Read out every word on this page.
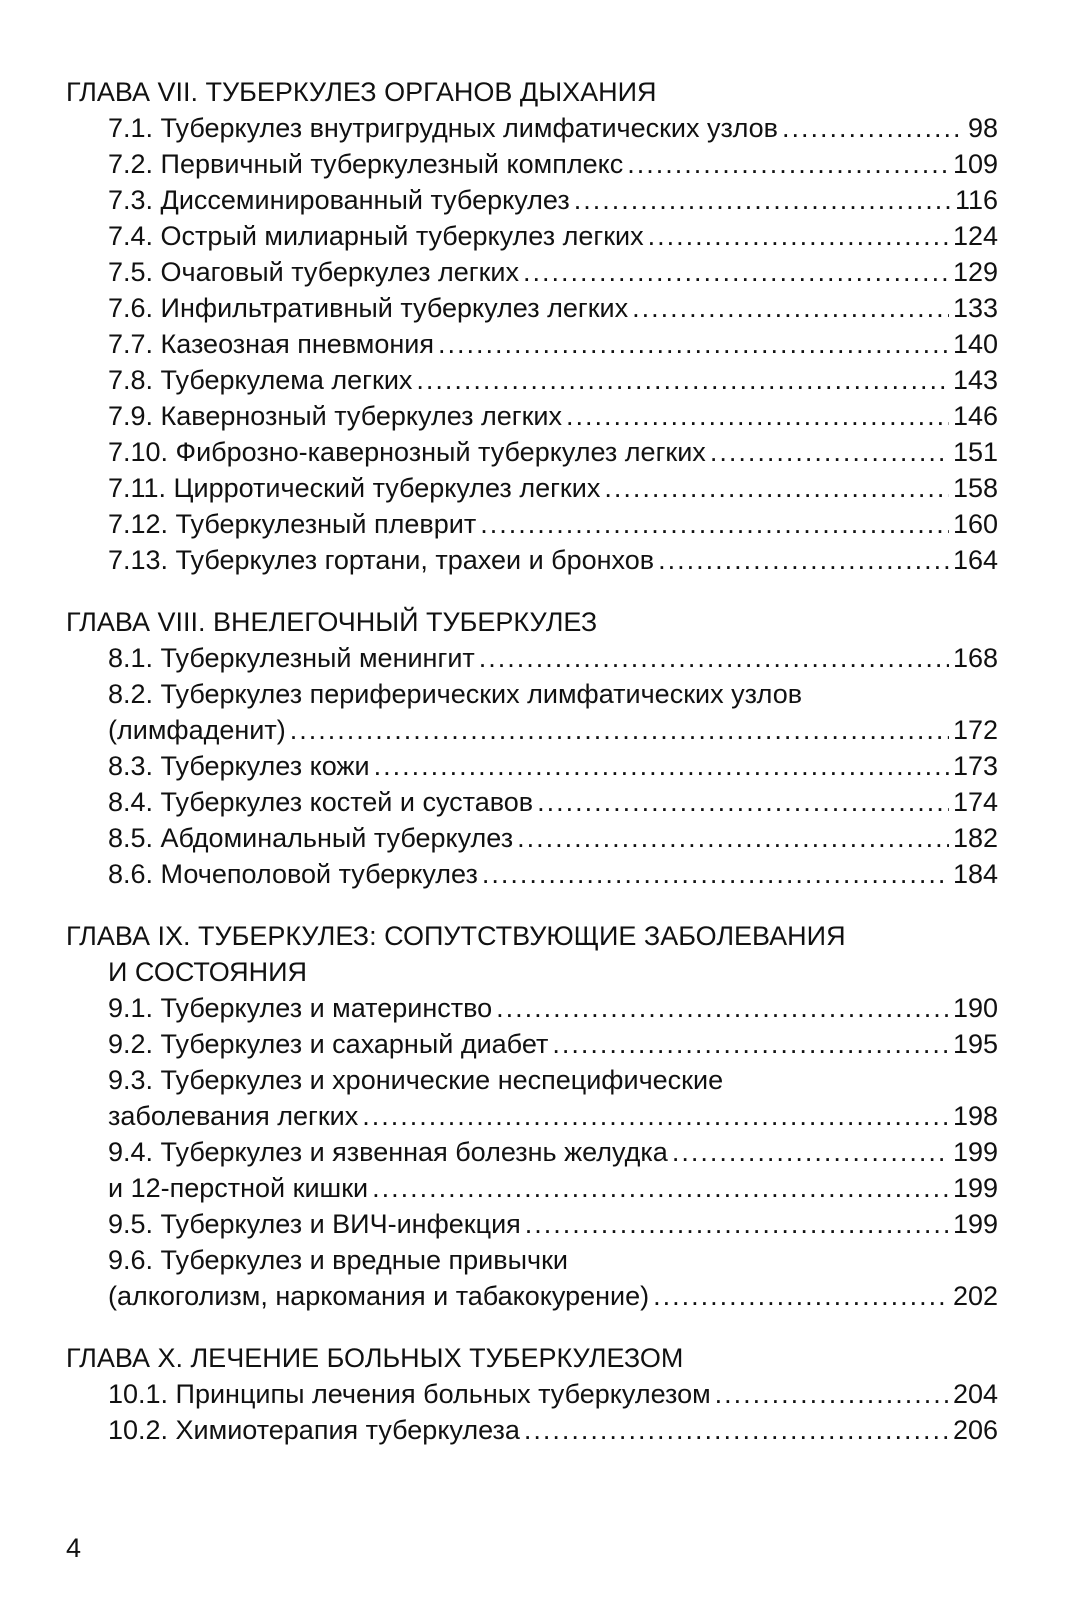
ГЛАВА VII. ТУБЕРКУЛЕЗ ОРГАНОВ ДЫХАНИЯ
7.1. Туберкулез внутригрудных лимфатических узлов .....	98
7.2. Первичный туберкулезный комплекс .....	109
7.3. Диссеминированный туберкулез .....	116
7.4. Острый милиарный туберкулез легких .....	124
7.5. Очаговый туберкулез легких .....	129
7.6. Инфильтративный туберкулез легких .....	133
7.7. Казеозная пневмония .....	140
7.8. Туберкулема легких .....	143
7.9. Кавернозный туберкулез легких .....	146
7.10. Фиброзно-кавернозный туберкулез легких .....	151
7.11. Цирротический туберкулез легких .....	158
7.12. Туберкулезный плеврит .....	160
7.13. Туберкулез гортани, трахеи и бронхов .....	164
ГЛАВА VIII. ВНЕЛЕГОЧНЫЙ ТУБЕРКУЛЕЗ
8.1. Туберкулезный менингит .....	168
8.2. Туберкулез периферических лимфатических узлов
(лимфаденит) .....	172
8.3. Туберкулез кожи .....	173
8.4. Туберкулез костей и суставов .....	174
8.5. Абдоминальный туберкулез .....	182
8.6. Мочеполовой туберкулез .....	184
ГЛАВА IX. ТУБЕРКУЛЕЗ: СОПУТСТВУЮЩИЕ ЗАБОЛЕВАНИЯ
И СОСТОЯНИЯ
9.1. Туберкулез и материнство .....	190
9.2. Туберкулез и сахарный диабет .....	195
9.3. Туберкулез и хронические неспецифические
заболевания легких .....	198
9.4. Туберкулез и язвенная болезнь желудка .....	199
и 12-перстной кишки .....	199
9.5. Туберкулез и ВИЧ-инфекция .....	199
9.6. Туберкулез и вредные привычки
(алкоголизм, наркомания и табакокурение) .....	202
ГЛАВА X. ЛЕЧЕНИЕ БОЛЬНЫХ ТУБЕРКУЛЕЗОМ
10.1. Принципы лечения больных туберкулезом .....	204
10.2. Химиотерапия туберкулеза .....	206
4
